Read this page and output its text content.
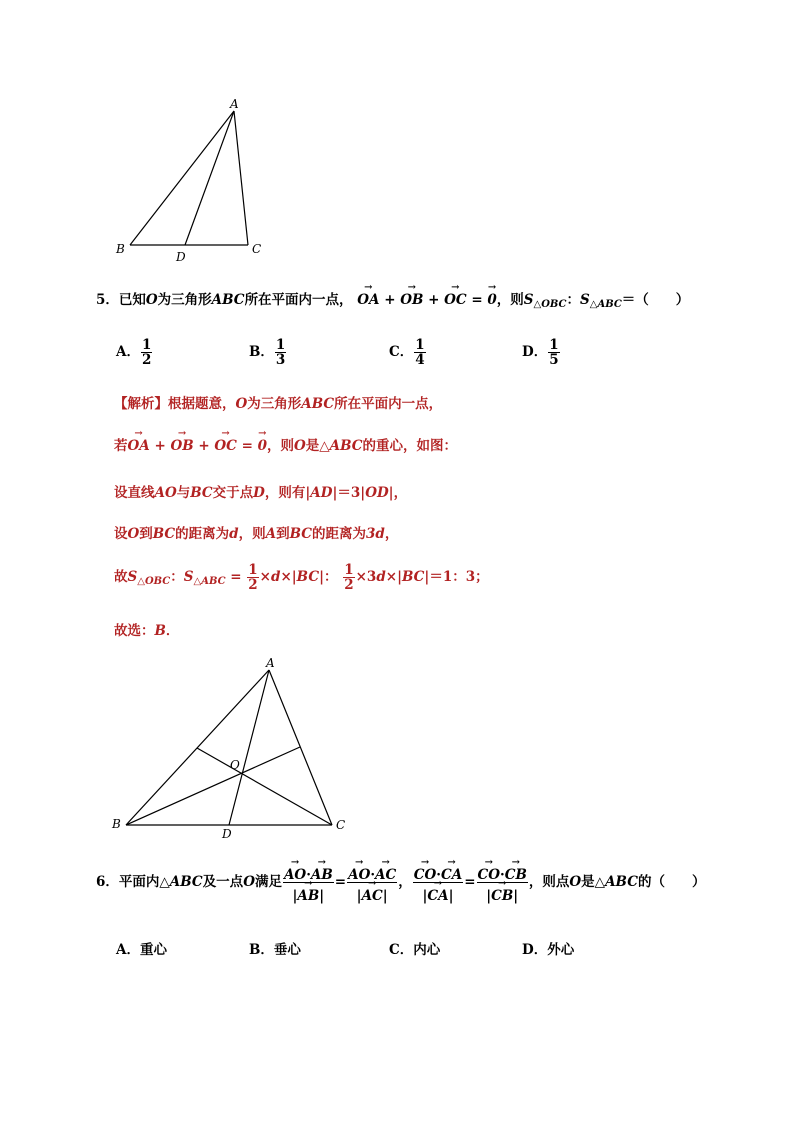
A
B	C
D
5．已知O为三角形ABC所在平面内一点， → OA + → OB + → OC = → 0，则$S_{\triangle OBC}$：$S_{\triangle ABC}=$（　　）
A． $\frac{1}{2}$	B． $\frac{1}{3}$	C． $\frac{1}{4}$	D． $\frac{1}{5}$
【解析】根据题意，O为三角形ABC所在平面内一点，
若→ OA + → OB + → OC = → 0，则O是△ABC的重心，如图：
设直线AO与BC交于点D，则有|AD|＝3|OD|，
设O到BC的距离为d，则A到BC的距离为3d，
故$S_{\triangle OBC}$：$S_{\triangle ABC} = \frac{1}{2} \times d\times|BC|$： $\frac{1}{2} \times 3d\times|BC|=1$：3；
故选：B．
A
B	C
D
O
6．平面内△ABC及一点O满足 → AO·→ AB
→ |AB| = → AO·→ AC
→ |AC| ， → CO·→ CA
→ |CA| = → CO·→ CB
→ |CB| ，则点O是△ABC的（　　）
A．重心	B．垂心	C．内心	D．外心
